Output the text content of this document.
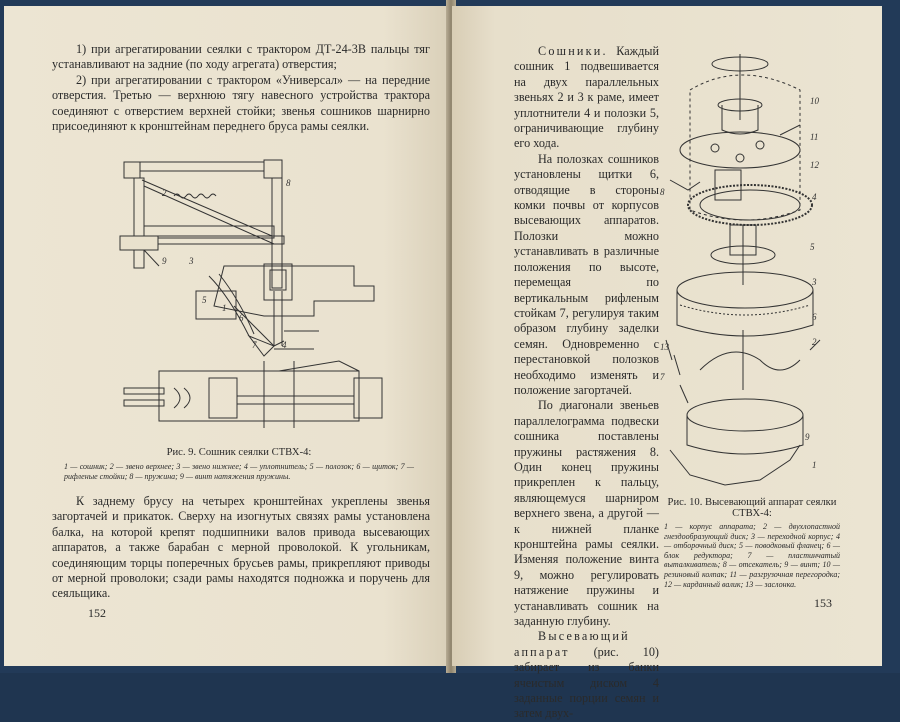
1) при агрегатировании сеялки с трактором ДТ-24-3В пальцы тяг устанавливают на задние (по ходу агрегата) отверстия;

2) при агрегатировании с трактором «Универсал» — на передние отверстия. Третью — верхнюю тягу навесного устройства трактора соединяют с отверстием верхней стойки; звенья сошников шарнирно присоединяют к кронштейнам переднего бруса рамы сеялки.

2
8
9	3
5
1
6
7	4
Рис. 9. Сошник сеялки СТВХ-4:
1 — сошник; 2 — звено верхнее; 3 — звено нижнее; 4 — уплотнитель; 5 — полозок; 6 — щиток; 7 — рифленые стойки; 8 — пружина; 9 — винт натяжения пружины.

К заднему брусу на четырех кронштейнах укреплены звенья загортачей и прикаток. Сверху на изогнутых связях рамы установлена балка, на которой крепят подшипники валов привода высевающих аппаратов, а также барабан с мерной проволокой. К угольникам, соединяющим торцы поперечных брусьев рамы, прикрепляют приводы от мерной проволоки; сзади рамы находятся подножка и поручень для сеяльщика.

152

Сошники. Каждый сошник 1 подвешивается на двух параллельных звеньях 2 и 3 к раме, имеет уплотнители 4 и полозки 5, ограничивающие глубину его хода.

На полозках сошников установлены щитки 6, отводящие в стороны комки почвы от корпусов высевающих аппаратов. Полозки можно устанавливать в различные положения по высоте, перемещая по вертикальным рифленым стойкам 7, регулируя таким образом глубину заделки семян. Одновременно с перестановкой полозков необходимо изменять и положение загортачей.

По диагонали звеньев параллелограмма подвески сошника поставлены пружины растяжения 8. Один конец пружины прикреплен к пальцу, являющемуся шарниром верхнего звена, а другой — к нижней планке кронштейна рамы сеялки. Изменяя положение винта 9, можно регулировать натяжение пружины и устанавливать сошник на заданную глубину.

Высевающий аппарат (рис. 10) забирает из банки ячеистым диском 4 заданные порции семян и затем двух-

10
11
12
8	4
5
3
6
13	2
7
9
1
Рис. 10. Высевающий аппарат сеялки СТВХ-4:
1 — корпус аппарата; 2 — двухлопастной гнездообразующий диск; 3 — переходной корпус; 4 — отборочный диск; 5 — поводковый фланец; 6 — блок редуктора; 7 — пластинчатый выталкиватель; 8 — отсекатель; 9 — винт; 10 — резиновый колпак; 11 — разгрузочная перегородка; 12 — карданный валик; 13 — заслонка.
153
